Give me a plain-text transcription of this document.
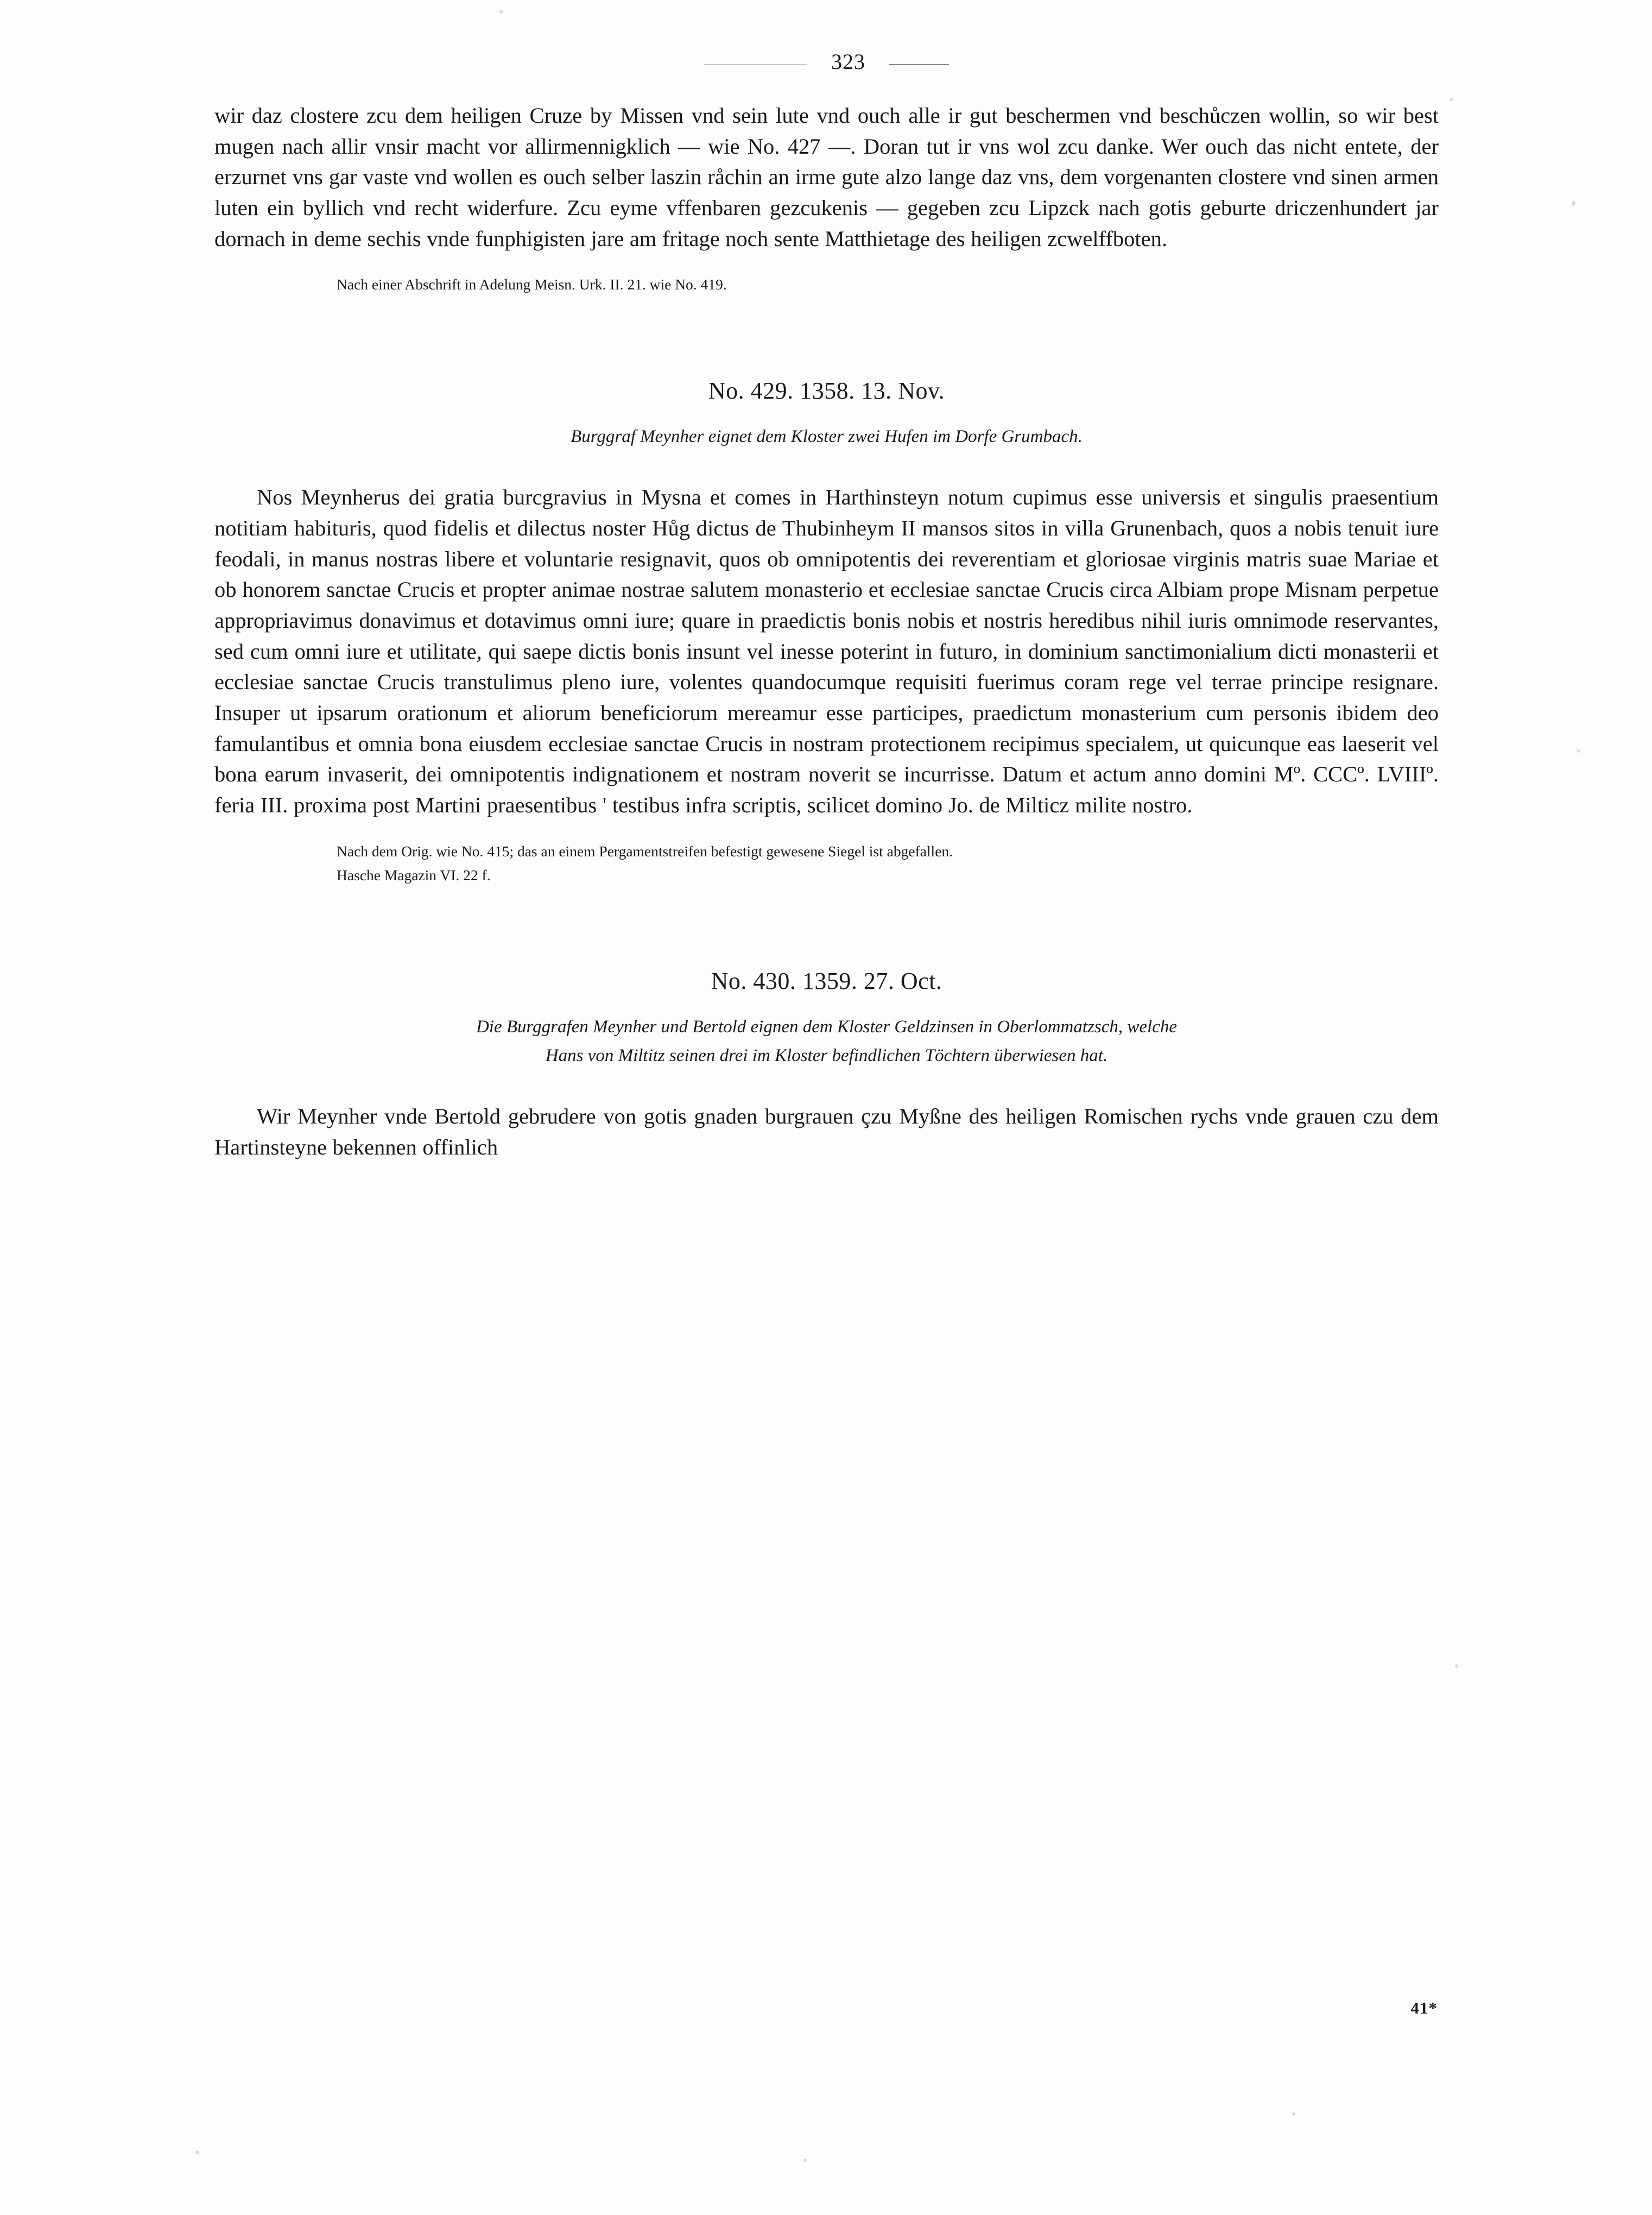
323

wir daz clostere zcu dem heiligen Cruze by Missen vnd sein lute vnd ouch alle ir gut beschermen vnd beschůczen wollin, so wir best mugen nach allir vnsir macht vor allirmennigklich — wie No. 427 —. Doran tut ir vns wol zcu danke. Wer ouch das nicht entete, der erzurnet vns gar vaste vnd wollen es ouch selber laszin råchin an irme gute alzo lange daz vns, dem vorgenanten clostere vnd sinen armen luten ein byllich vnd recht widerfure. Zcu eyme vffenbaren gezcukenis — gegeben zcu Lipzck nach gotis geburte driczenhundert jar dornach in deme sechis vnde funphigisten jare am fritage noch sente Matthietage des heiligen zcwelffboten.

Nach einer Abschrift in Adelung Meisn. Urk. II. 21. wie No. 419.
No. 429. 1358. 13. Nov.
Burggraf Meynher eignet dem Kloster zwei Hufen im Dorfe Grumbach.

Nos Meynherus dei gratia burcgravius in Mysna et comes in Harthinsteyn notum cupimus esse universis et singulis praesentium notitiam habituris, quod fidelis et dilectus noster Hůg dictus de Thubinheym II mansos sitos in villa Grunenbach, quos a nobis tenuit iure feodali, in manus nostras libere et voluntarie resignavit, quos ob omnipotentis dei reverentiam et gloriosae virginis matris suae Mariae et ob honorem sanctae Crucis et propter animae nostrae salutem monasterio et ecclesiae sanctae Crucis circa Albiam prope Misnam perpetue appropriavimus donavimus et dotavimus omni iure; quare in praedictis bonis nobis et nostris heredibus nihil iuris omnimode reservantes, sed cum omni iure et utilitate, qui saepe dictis bonis insunt vel inesse poterint in futuro, in dominium sanctimonialium dicti monasterii et ecclesiae sanctae Crucis transtulimus pleno iure, volentes quandocumque requisiti fuerimus coram rege vel terrae principe resignare. Insuper ut ipsarum orationum et aliorum beneficiorum mereamur esse participes, praedictum monasterium cum personis ibidem deo famulantibus et omnia bona eiusdem ecclesiae sanctae Crucis in nostram protectionem recipimus specialem, ut quicunque eas laeserit vel bona earum invaserit, dei omnipotentis indignationem et nostram noverit se incurrisse. Datum et actum anno domini Mº. CCCº. LVIIIº. feria III. proxima post Martini praesentibus ' testibus infra scriptis, scilicet domino Jo. de Milticz milite nostro.

Nach dem Orig. wie No. 415; das an einem Pergamentstreifen befestigt gewesene Siegel ist abgefallen.
Hasche Magazin VI. 22 f.
No. 430. 1359. 27. Oct.
Die Burggrafen Meynher und Bertold eignen dem Kloster Geldzinsen in Oberlommatzsch, welche
Hans von Miltitz seinen drei im Kloster befindlichen Töchtern überwiesen hat.

Wir Meynher vnde Bertold gebrudere von gotis gnaden burgrauen çzu Myßne des heiligen Romischen rychs vnde grauen czu dem Hartinsteyne bekennen offinlich

41*
